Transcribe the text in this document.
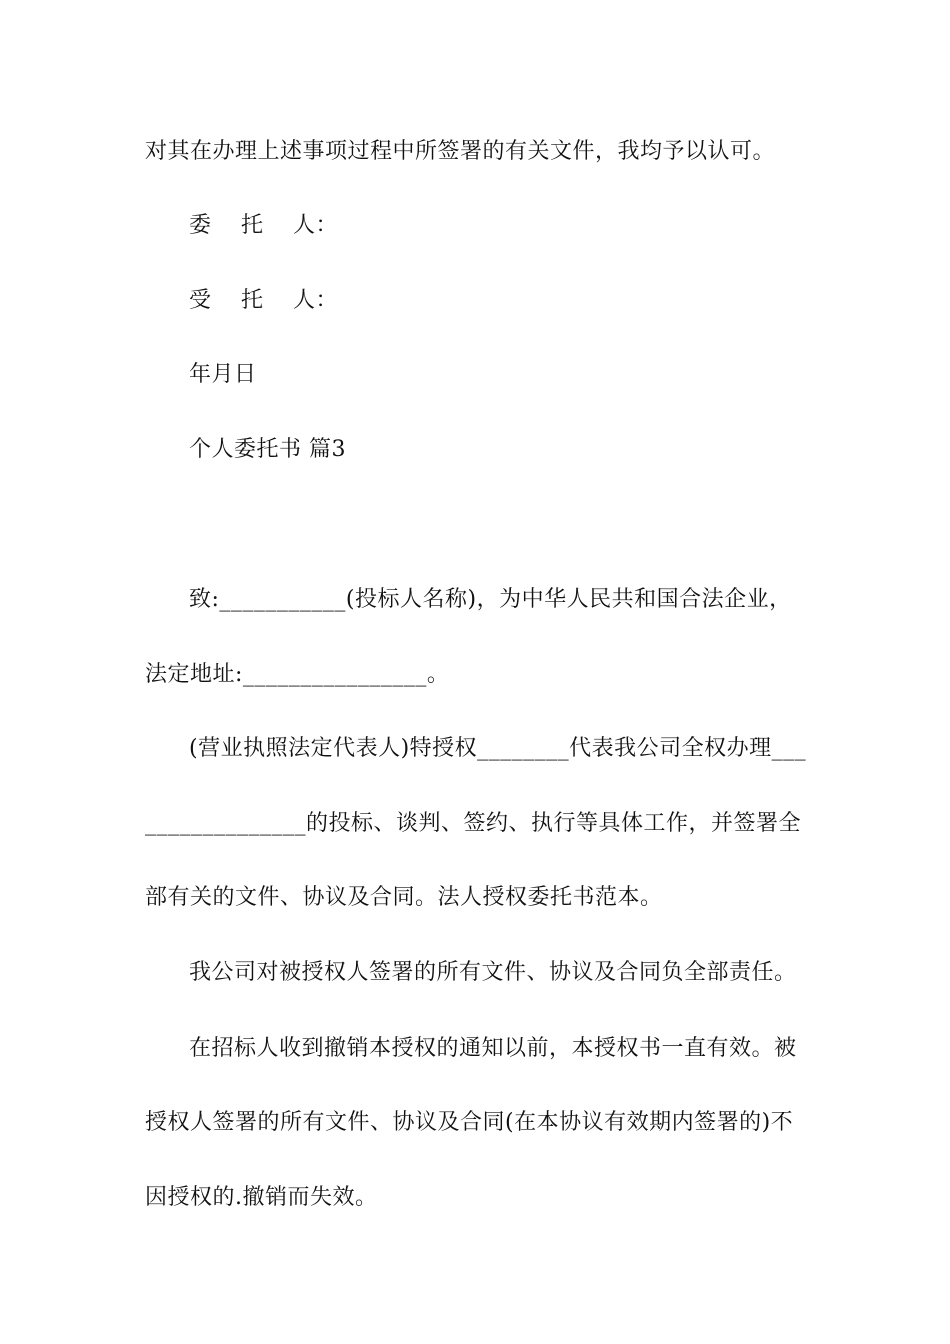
对其在办理上述事项过程中所签署的有关文件，我均予以认可。
委 托 人：
受 托 人：
年月日
个人委托书 篇3
致:___________(投标人名称)，为中华人民共和国合法企业，
法定地址:________________。
(营业执照法定代表人)特授权________代表我公司全权办理___
______________的投标、谈判、签约、执行等具体工作，并签署全
部有关的文件、协议及合同。法人授权委托书范本。
我公司对被授权人签署的所有文件、协议及合同负全部责任。
在招标人收到撤销本授权的通知以前，本授权书一直有效。被
授权人签署的所有文件、协议及合同(在本协议有效期内签署的)不
因授权的.撤销而失效。
